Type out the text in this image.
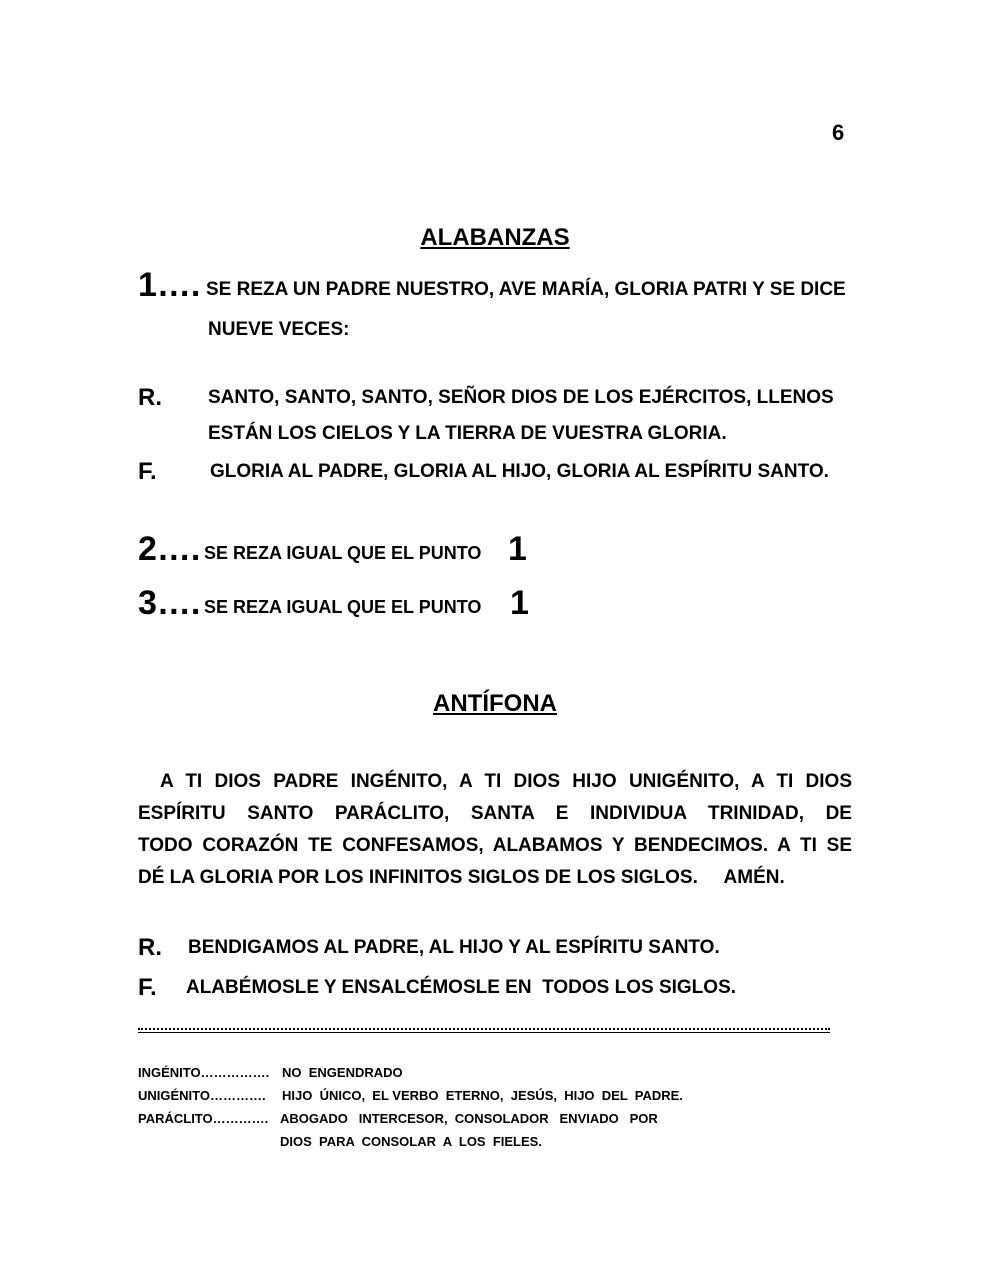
6
ALABANZAS
1…. SE REZA UN PADRE NUESTRO, AVE MARÍA, GLORIA PATRI Y SE DICE
NUEVE VECES:
R. SANTO, SANTO, SANTO, SEÑOR DIOS DE LOS EJÉRCITOS, LLENOS
ESTÁN LOS CIELOS Y LA TIERRA DE VUESTRA GLORIA.
F.	GLORIA AL PADRE, GLORIA AL HIJO, GLORIA AL ESPÍRITU SANTO.
2…. SE REZA IGUAL QUE EL PUNTO 1
3…. SE REZA IGUAL QUE EL PUNTO 1
ANTÍFONA
A TI DIOS PADRE INGÉNITO, A TI DIOS HIJO UNIGÉNITO, A TI DIOS
ESPÍRITU SANTO PARÁCLITO, SANTA E INDIVIDUA TRINIDAD, DE
TODO CORAZÓN TE CONFESAMOS, ALABAMOS Y BENDECIMOS. A TI SE
DÉ LA GLORIA POR LOS INFINITOS SIGLOS DE LOS SIGLOS.     AMÉN.
R. BENDIGAMOS AL PADRE, AL HIJO Y AL ESPÍRITU SANTO.
F. ALABÉMOSLE Y ENSALCÉMOSLE EN  TODOS LOS SIGLOS.
INGÉNITO……………. NO  ENGENDRADO
UNIGÉNITO…………. HIJO  ÚNICO,  EL VERBO  ETERNO,  JESÚS,  HIJO  DEL  PADRE.
PARÁCLITO…………. ABOGADO   INTERCESOR,  CONSOLADOR   ENVIADO   POR
DIOS  PARA  CONSOLAR  A  LOS  FIELES.
